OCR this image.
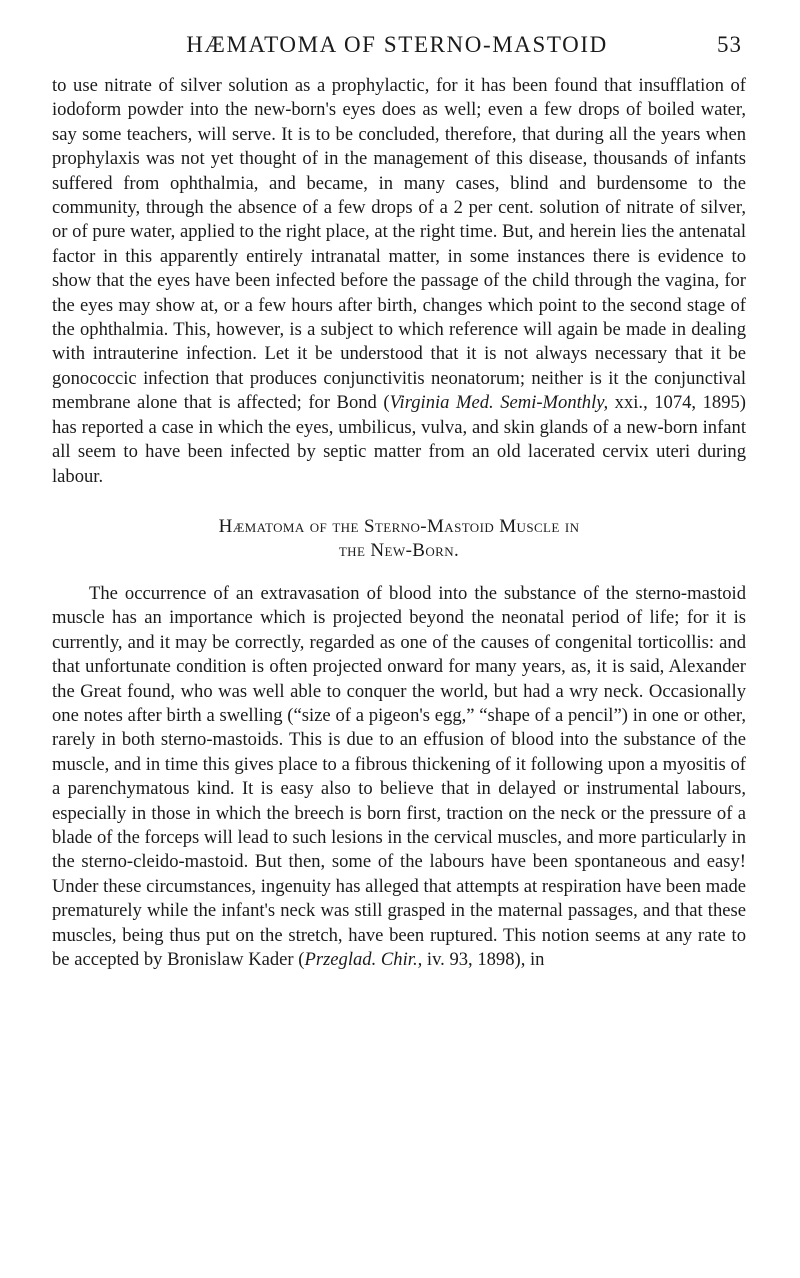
HÆMATOMA OF STERNO-MASTOID	53

to use nitrate of silver solution as a prophylactic, for it has been found that insufflation of iodoform powder into the new-born's eyes does as well; even a few drops of boiled water, say some teachers, will serve. It is to be concluded, therefore, that during all the years when prophylaxis was not yet thought of in the management of this disease, thousands of infants suffered from ophthalmia, and became, in many cases, blind and burdensome to the community, through the absence of a few drops of a 2 per cent. solution of nitrate of silver, or of pure water, applied to the right place, at the right time. But, and herein lies the antenatal factor in this apparently entirely intranatal matter, in some instances there is evidence to show that the eyes have been infected before the passage of the child through the vagina, for the eyes may show at, or a few hours after birth, changes which point to the second stage of the ophthalmia. This, however, is a subject to which reference will again be made in dealing with intrauterine infection. Let it be understood that it is not always necessary that it be gonococcic infection that produces conjunctivitis neonatorum; neither is it the conjunctival membrane alone that is affected; for Bond (Virginia Med. Semi-Monthly, xxi., 1074, 1895) has reported a case in which the eyes, umbilicus, vulva, and skin glands of a new-born infant all seem to have been infected by septic matter from an old lacerated cervix uteri during labour.

Hæmatoma of the Sterno-Mastoid Muscle in
the New-Born.

The occurrence of an extravasation of blood into the substance of the sterno-mastoid muscle has an importance which is projected beyond the neonatal period of life; for it is currently, and it may be correctly, regarded as one of the causes of congenital torticollis: and that unfortunate condition is often projected onward for many years, as, it is said, Alexander the Great found, who was well able to conquer the world, but had a wry neck. Occasionally one notes after birth a swelling (“size of a pigeon's egg,” “shape of a pencil”) in one or other, rarely in both sterno-mastoids. This is due to an effusion of blood into the substance of the muscle, and in time this gives place to a fibrous thickening of it following upon a myositis of a parenchymatous kind. It is easy also to believe that in delayed or instrumental labours, especially in those in which the breech is born first, traction on the neck or the pressure of a blade of the forceps will lead to such lesions in the cervical muscles, and more particularly in the sterno-cleido-mastoid. But then, some of the labours have been spontaneous and easy! Under these circumstances, ingenuity has alleged that attempts at respiration have been made prematurely while the infant's neck was still grasped in the maternal passages, and that these muscles, being thus put on the stretch, have been ruptured. This notion seems at any rate to be accepted by Bronislaw Kader (Przeglad. Chir., iv. 93, 1898), in
